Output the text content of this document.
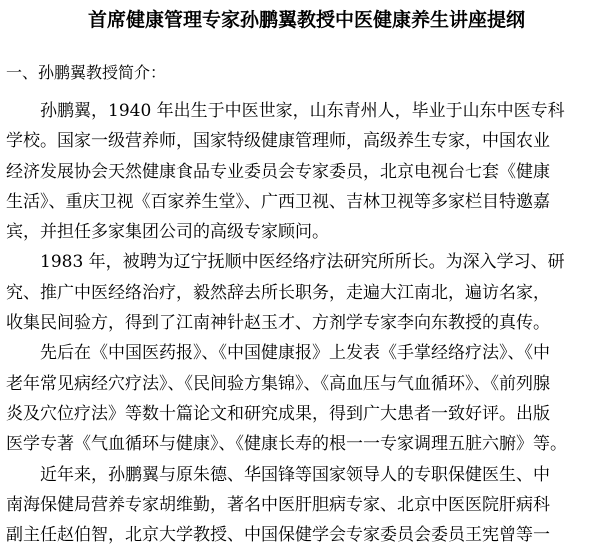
首席健康管理专家孙鹏翼教授中医健康养生讲座提纲
一、孙鹏翼教授简介：
　　孙鹏翼，1940 年出生于中医世家，山东青州人，毕业于山东中医专科
学校。国家一级营养师，国家特级健康管理师，高级养生专家，中国农业
经济发展协会天然健康食品专业委员会专家委员，北京电视台七套《健康
生活》、重庆卫视《百家养生堂》、广西卫视、吉林卫视等多家栏目特邀嘉
宾，并担任多家集团公司的高级专家顾问。
　　1983 年，被聘为辽宁抚顺中医经络疗法研究所所长。为深入学习、研
究、推广中医经络治疗，毅然辞去所长职务，走遍大江南北，遍访名家，
收集民间验方，得到了江南神针赵玉才、方剂学专家李向东教授的真传。
　　先后在《中国医药报》、《中国健康报》上发表《手掌经络疗法》、《中
老年常见病经穴疗法》、《民间验方集锦》、《高血压与气血循环》、《前列腺
炎及穴位疗法》等数十篇论文和研究成果，得到广大患者一致好评。出版
医学专著《气血循环与健康》、《健康长寿的根一一专家调理五脏六腑》等。
　　近年来，孙鹏翼与原朱德、华国锋等国家领导人的专职保健医生、中
南海保健局营养专家胡维勤，著名中医肝胆病专家、北京中医医院肝病科
副主任赵伯智，北京大学教授、中国保健学会专家委员会委员王宪曾等一
